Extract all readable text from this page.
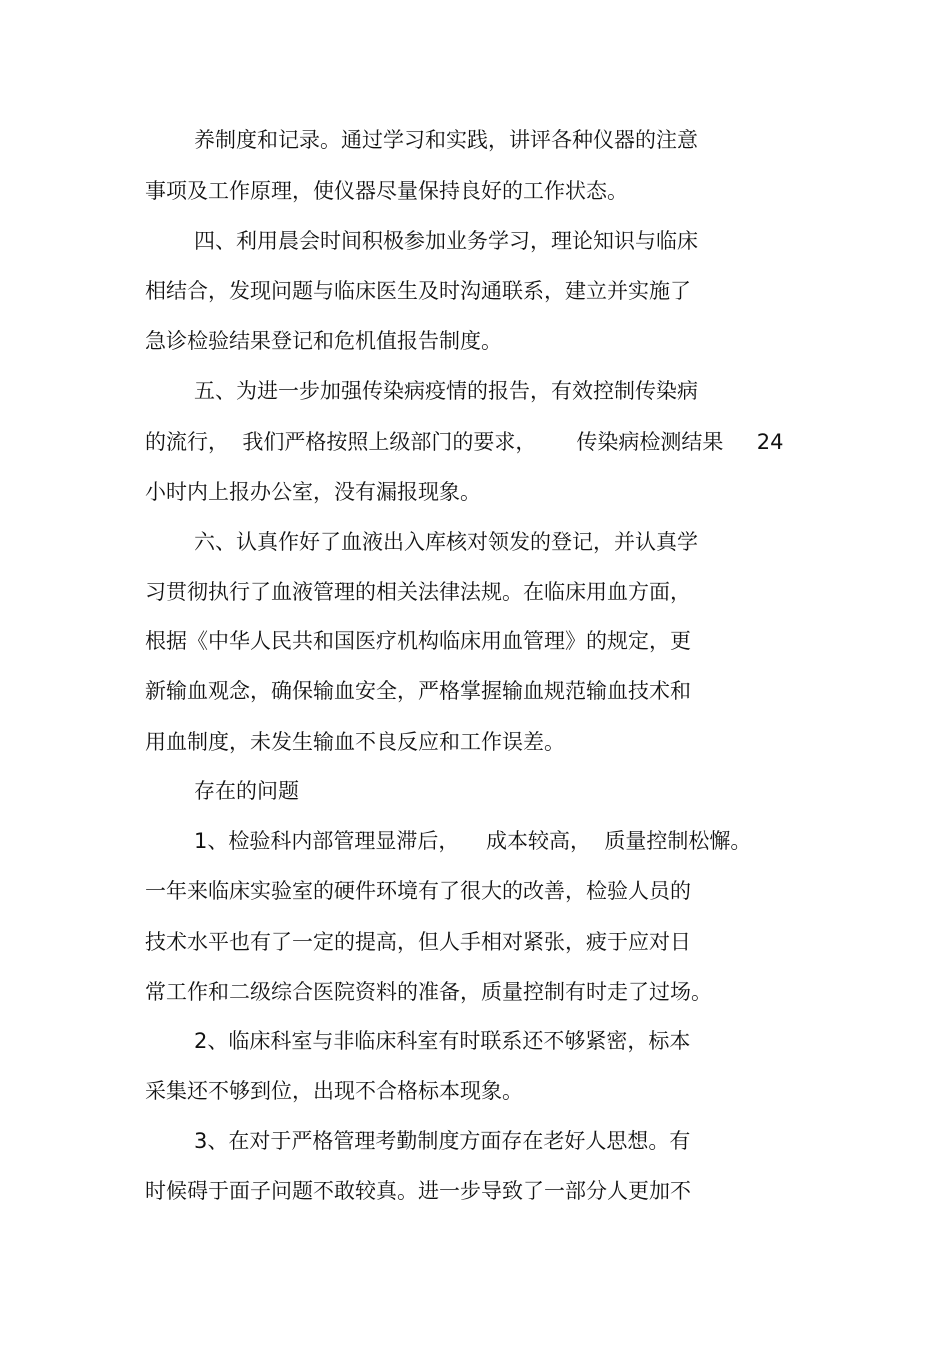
养制度和记录。通过学习和实践，讲评各种仪器的注意
事项及工作原理，使仪器尽量保持良好的工作状态。
四、利用晨会时间积极参加业务学习，理论知识与临床
相结合，发现问题与临床医生及时沟通联系，建立并实施了
急诊检验结果登记和危机值报告制度。
五、为进一步加强传染病疫情的报告，有效控制传染病
的流行，  我们严格按照上级部门的要求，      传染病检测结果     24
小时内上报办公室，没有漏报现象。
六、认真作好了血液出入库核对领发的登记，并认真学
习贯彻执行了血液管理的相关法律法规。在临床用血方面，
根据《中华人民共和国医疗机构临床用血管理》的规定，更
新输血观念，确保输血安全，严格掌握输血规范输血技术和
用血制度，未发生输血不良反应和工作误差。
存在的问题
1、检验科内部管理显滞后，    成本较高，  质量控制松懈。
一年来临床实验室的硬件环境有了很大的改善，检验人员的
技术水平也有了一定的提高，但人手相对紧张，疲于应对日
常工作和二级综合医院资料的准备，质量控制有时走了过场。
2、临床科室与非临床科室有时联系还不够紧密，标本
采集还不够到位，出现不合格标本现象。
3、在对于严格管理考勤制度方面存在老好人思想。有
时候碍于面子问题不敢较真。进一步导致了一部分人更加不
